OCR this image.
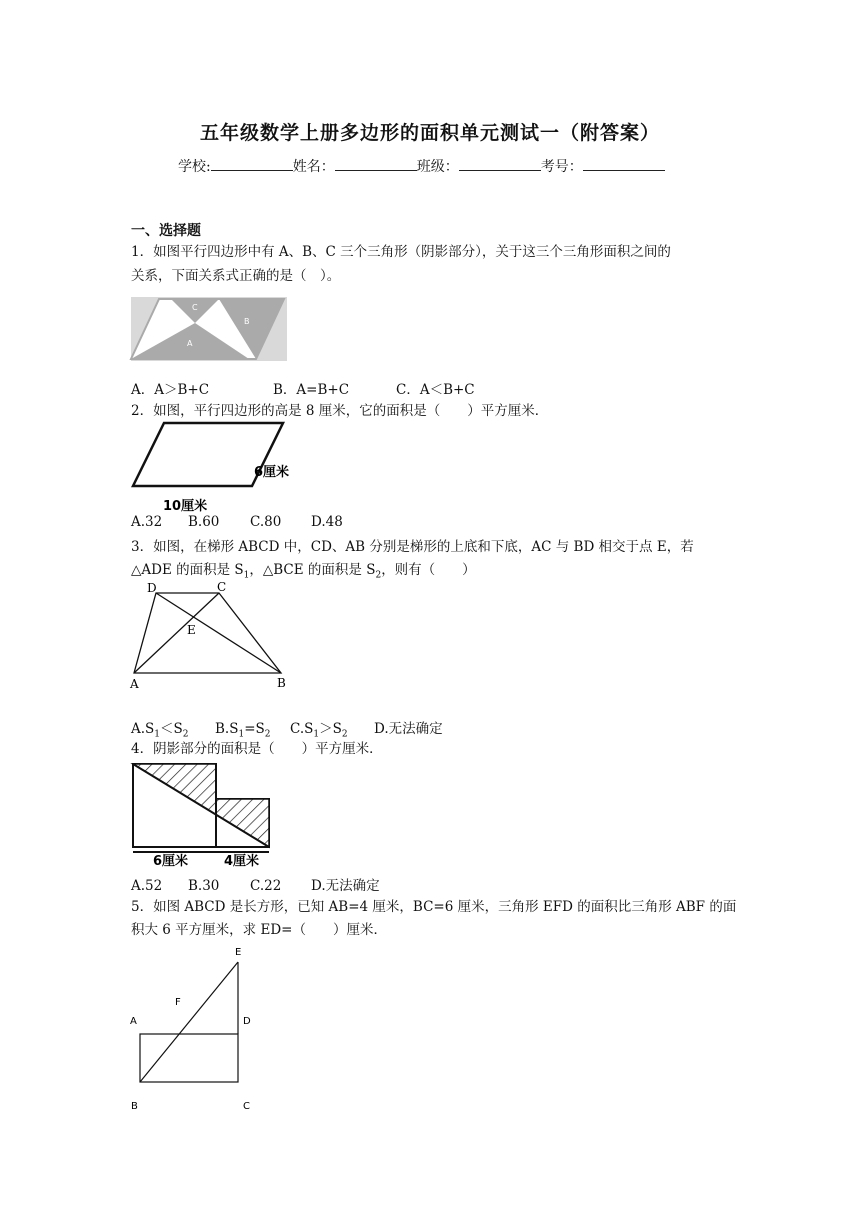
五年级数学上册多边形的面积单元测试一（附答案）
学校:	姓名：	班级：	考号：
一、选择题
1．如图平行四边形中有 A、B、C 三个三角形（阴影部分），关于这三个三角形面积之间的
关系，下面关系式正确的是（　）。
C
A
B
A．A＞B+C	B．A=B+C	C．A＜B+C
2．如图，平行四边形的高是 8 厘米，它的面积是（　　）平方厘米．
6厘米
10厘米
A.32 B.60 C.80 D.48
3．如图，在梯形 ABCD 中，CD、AB 分别是梯形的上底和下底，AC 与 BD 相交于点 E，若
△ADE 的面积是 $S_1$，△BCE 的面积是 $S_2$，则有（　　）
D	C
E
A	B
$A.S_1<S_2$ $B.S_1=S_2$ $C.S_1>S_2$ D.无法确定
4．阴影部分的面积是（　　）平方厘米．
6厘米	4厘米
A.52 B.30 C.22 D.无法确定
5．如图 ABCD 是长方形，已知 AB=4 厘米，BC=6 厘米，三角形 EFD 的面积比三角形 ABF 的面
积大 6 平方厘米，求 ED=（　　）厘米．
E
F
A	D
B	C
